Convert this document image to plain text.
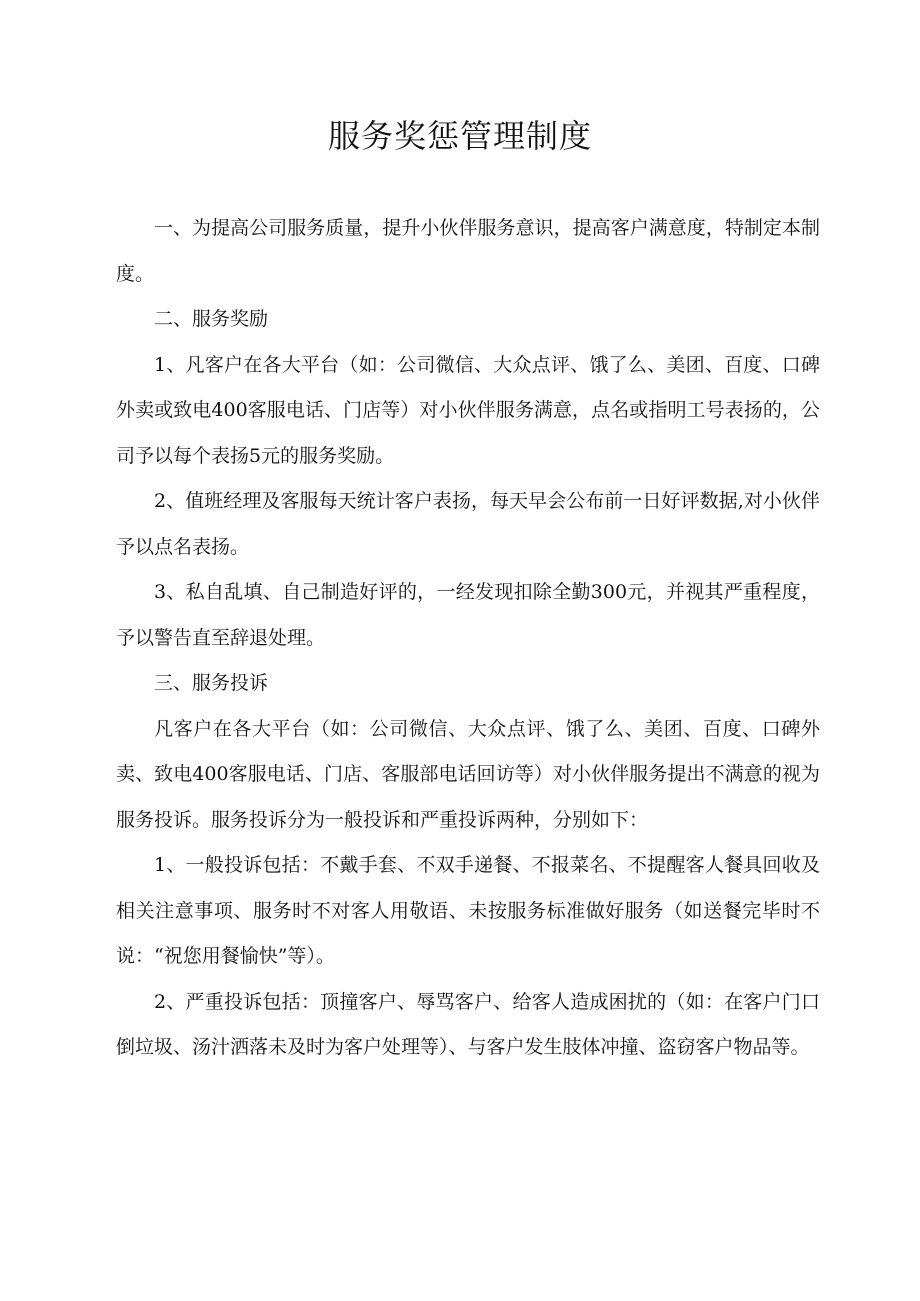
服务奖惩管理制度

一、为提高公司服务质量，提升小伙伴服务意识，提高客户满意度，特制定本制度。

二、服务奖励

1、凡客户在各大平台（如：公司微信、大众点评、饿了么、美团、百度、口碑外卖或致电400客服电话、门店等）对小伙伴服务满意，点名或指明工号表扬的，公司予以每个表扬5元的服务奖励。

2、值班经理及客服每天统计客户表扬，每天早会公布前一日好评数据,对小伙伴予以点名表扬。

3、私自乱填、自己制造好评的，一经发现扣除全勤300元，并视其严重程度，予以警告直至辞退处理。

三、服务投诉

凡客户在各大平台（如：公司微信、大众点评、饿了么、美团、百度、口碑外卖、致电400客服电话、门店、客服部电话回访等）对小伙伴服务提出不满意的视为服务投诉。服务投诉分为一般投诉和严重投诉两种，分别如下：

1、一般投诉包括：不戴手套、不双手递餐、不报菜名、不提醒客人餐具回收及相关注意事项、服务时不对客人用敬语、未按服务标准做好服务（如送餐完毕时不说：“祝您用餐愉快”等）。

2、严重投诉包括：顶撞客户、辱骂客户、给客人造成困扰的（如：在客户门口倒垃圾、汤汁洒落未及时为客户处理等）、与客户发生肢体冲撞、盗窃客户物品等。
